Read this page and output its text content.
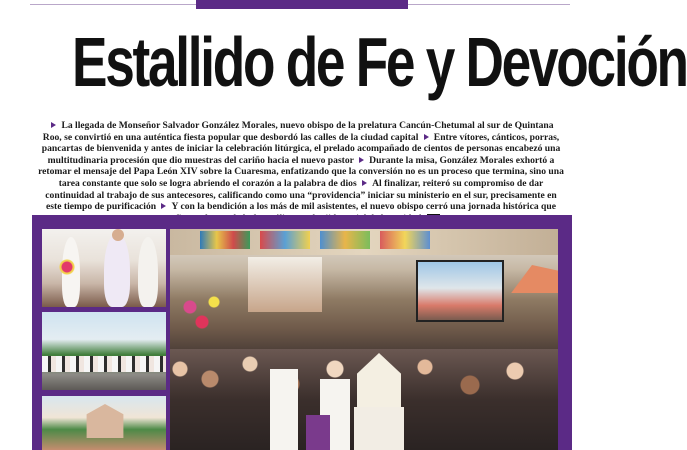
Estallido de Fe y Devoción
La llegada de Monseñor Salvador González Morales, nuevo obispo de la prelatura Cancún-Chetumal al sur de Quintana Roo, se convirtió en una auténtica fiesta popular que desbordó las calles de la ciudad capital Entre vítores, cánticos, porras, pancartas de bienvenida y antes de iniciar la celebración litúrgica, el prelado acompañado de cientos de personas encabezó una multitudinaria procesión que dio muestras del cariño hacia el nuevo pastor Durante la misa, González Morales exhortó a retomar el mensaje del Papa León XIV sobre la Cuaresma, enfatizando que la conversión no es un proceso que termina, sino una tarea constante que solo se logra abriendo el corazón a la palabra de dios Al finalizar, reiteró su compromiso de dar continuidad al trabajo de sus antecesores, calificando como una “providencia” iniciar su ministerio en el sur, precisamente en este tiempo de purificación Y con la bendición a los más de mil asistentes, el nuevo obispo cerró una jornada histórica que
